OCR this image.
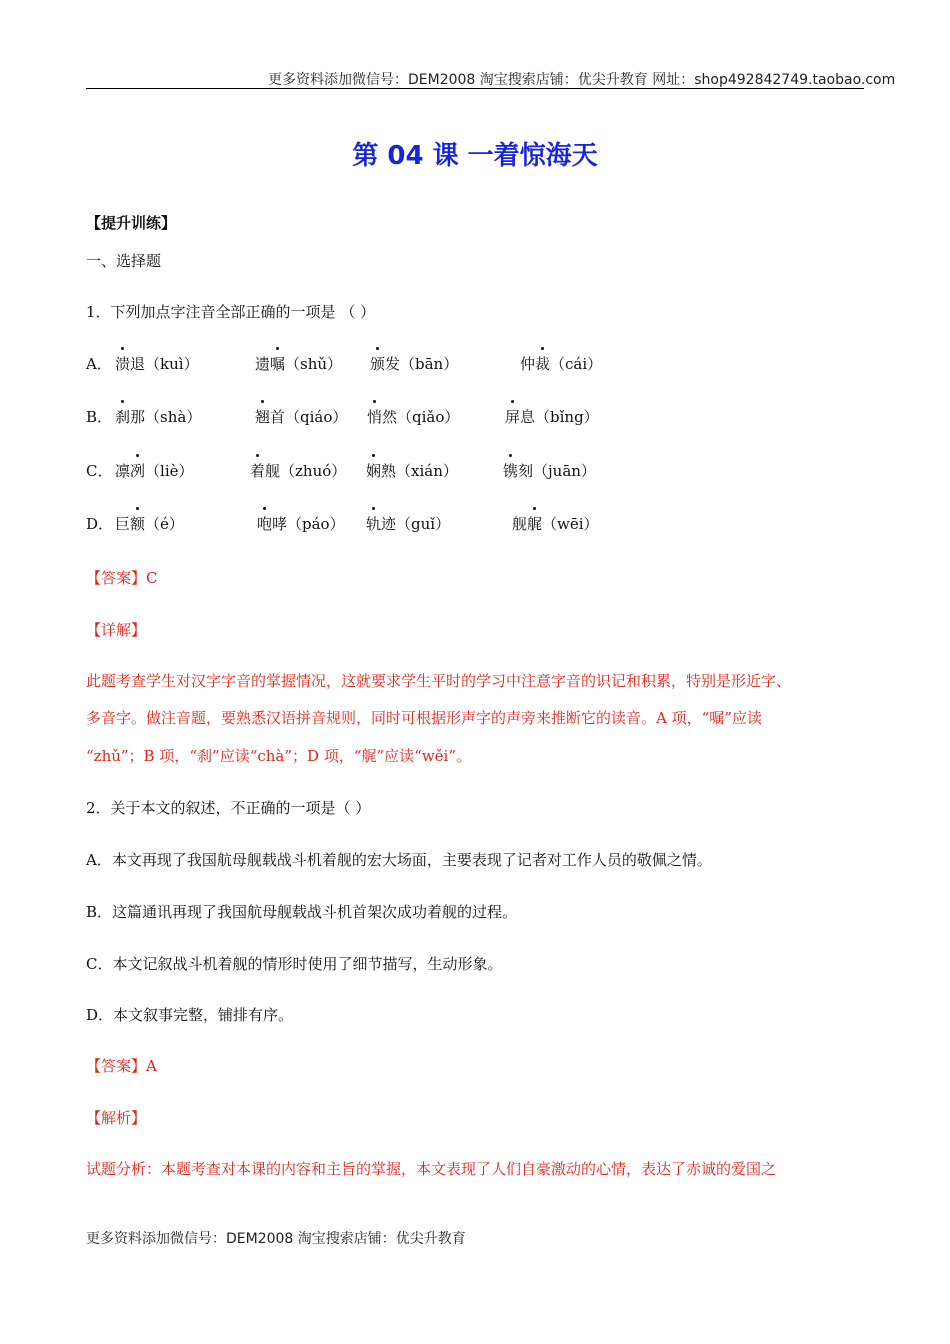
更多资料添加微信号：DEM2008 淘宝搜索店铺：优尖升教育 网址：shop492842749.taobao.com
第 04 课 一着惊海天
【提升训练】
一、选择题
1．下列加点字注音全部正确的一项是 （ ）
A． 溃退（kuì）	遗嘱（shǔ） 颁发（bān）	仲裁（cái）
B． 刹那（shà）	翘首（qiáo） 悄然（qiǎo）	屏息（bǐng）
C． 凛冽（liè）	着舰（zhuó） 娴熟（xián）	镌刻（juān）
D． 巨额（é）	咆哮（páo） 轨迹（guǐ）	舰艉（wēi）
【答案】C
【详解】
此题考查学生对汉字字音的掌握情况，这就要求学生平时的学习中注意字音的识记和积累，特别是形近字、
多音字。做注音题，要熟悉汉语拼音规则，同时可根据形声字的声旁来推断它的读音。A 项，“嘱”应读
“zhǔ”；B 项，“刹”应读“chà”；D 项，“艉”应读“wěi”。
2．关于本文的叙述，不正确的一项是（ ）
A．本文再现了我国航母舰载战斗机着舰的宏大场面，主要表现了记者对工作人员的敬佩之情。
B．这篇通讯再现了我国航母舰载战斗机首架次成功着舰的过程。
C．本文记叙战斗机着舰的情形时使用了细节描写，生动形象。
D．本文叙事完整，铺排有序。
【答案】A
【解析】
试题分析：本题考查对本课的内容和主旨的掌握，本文表现了人们自豪激动的心情，表达了赤诚的爱国之
更多资料添加微信号：DEM2008 淘宝搜索店铺：优尖升教育
